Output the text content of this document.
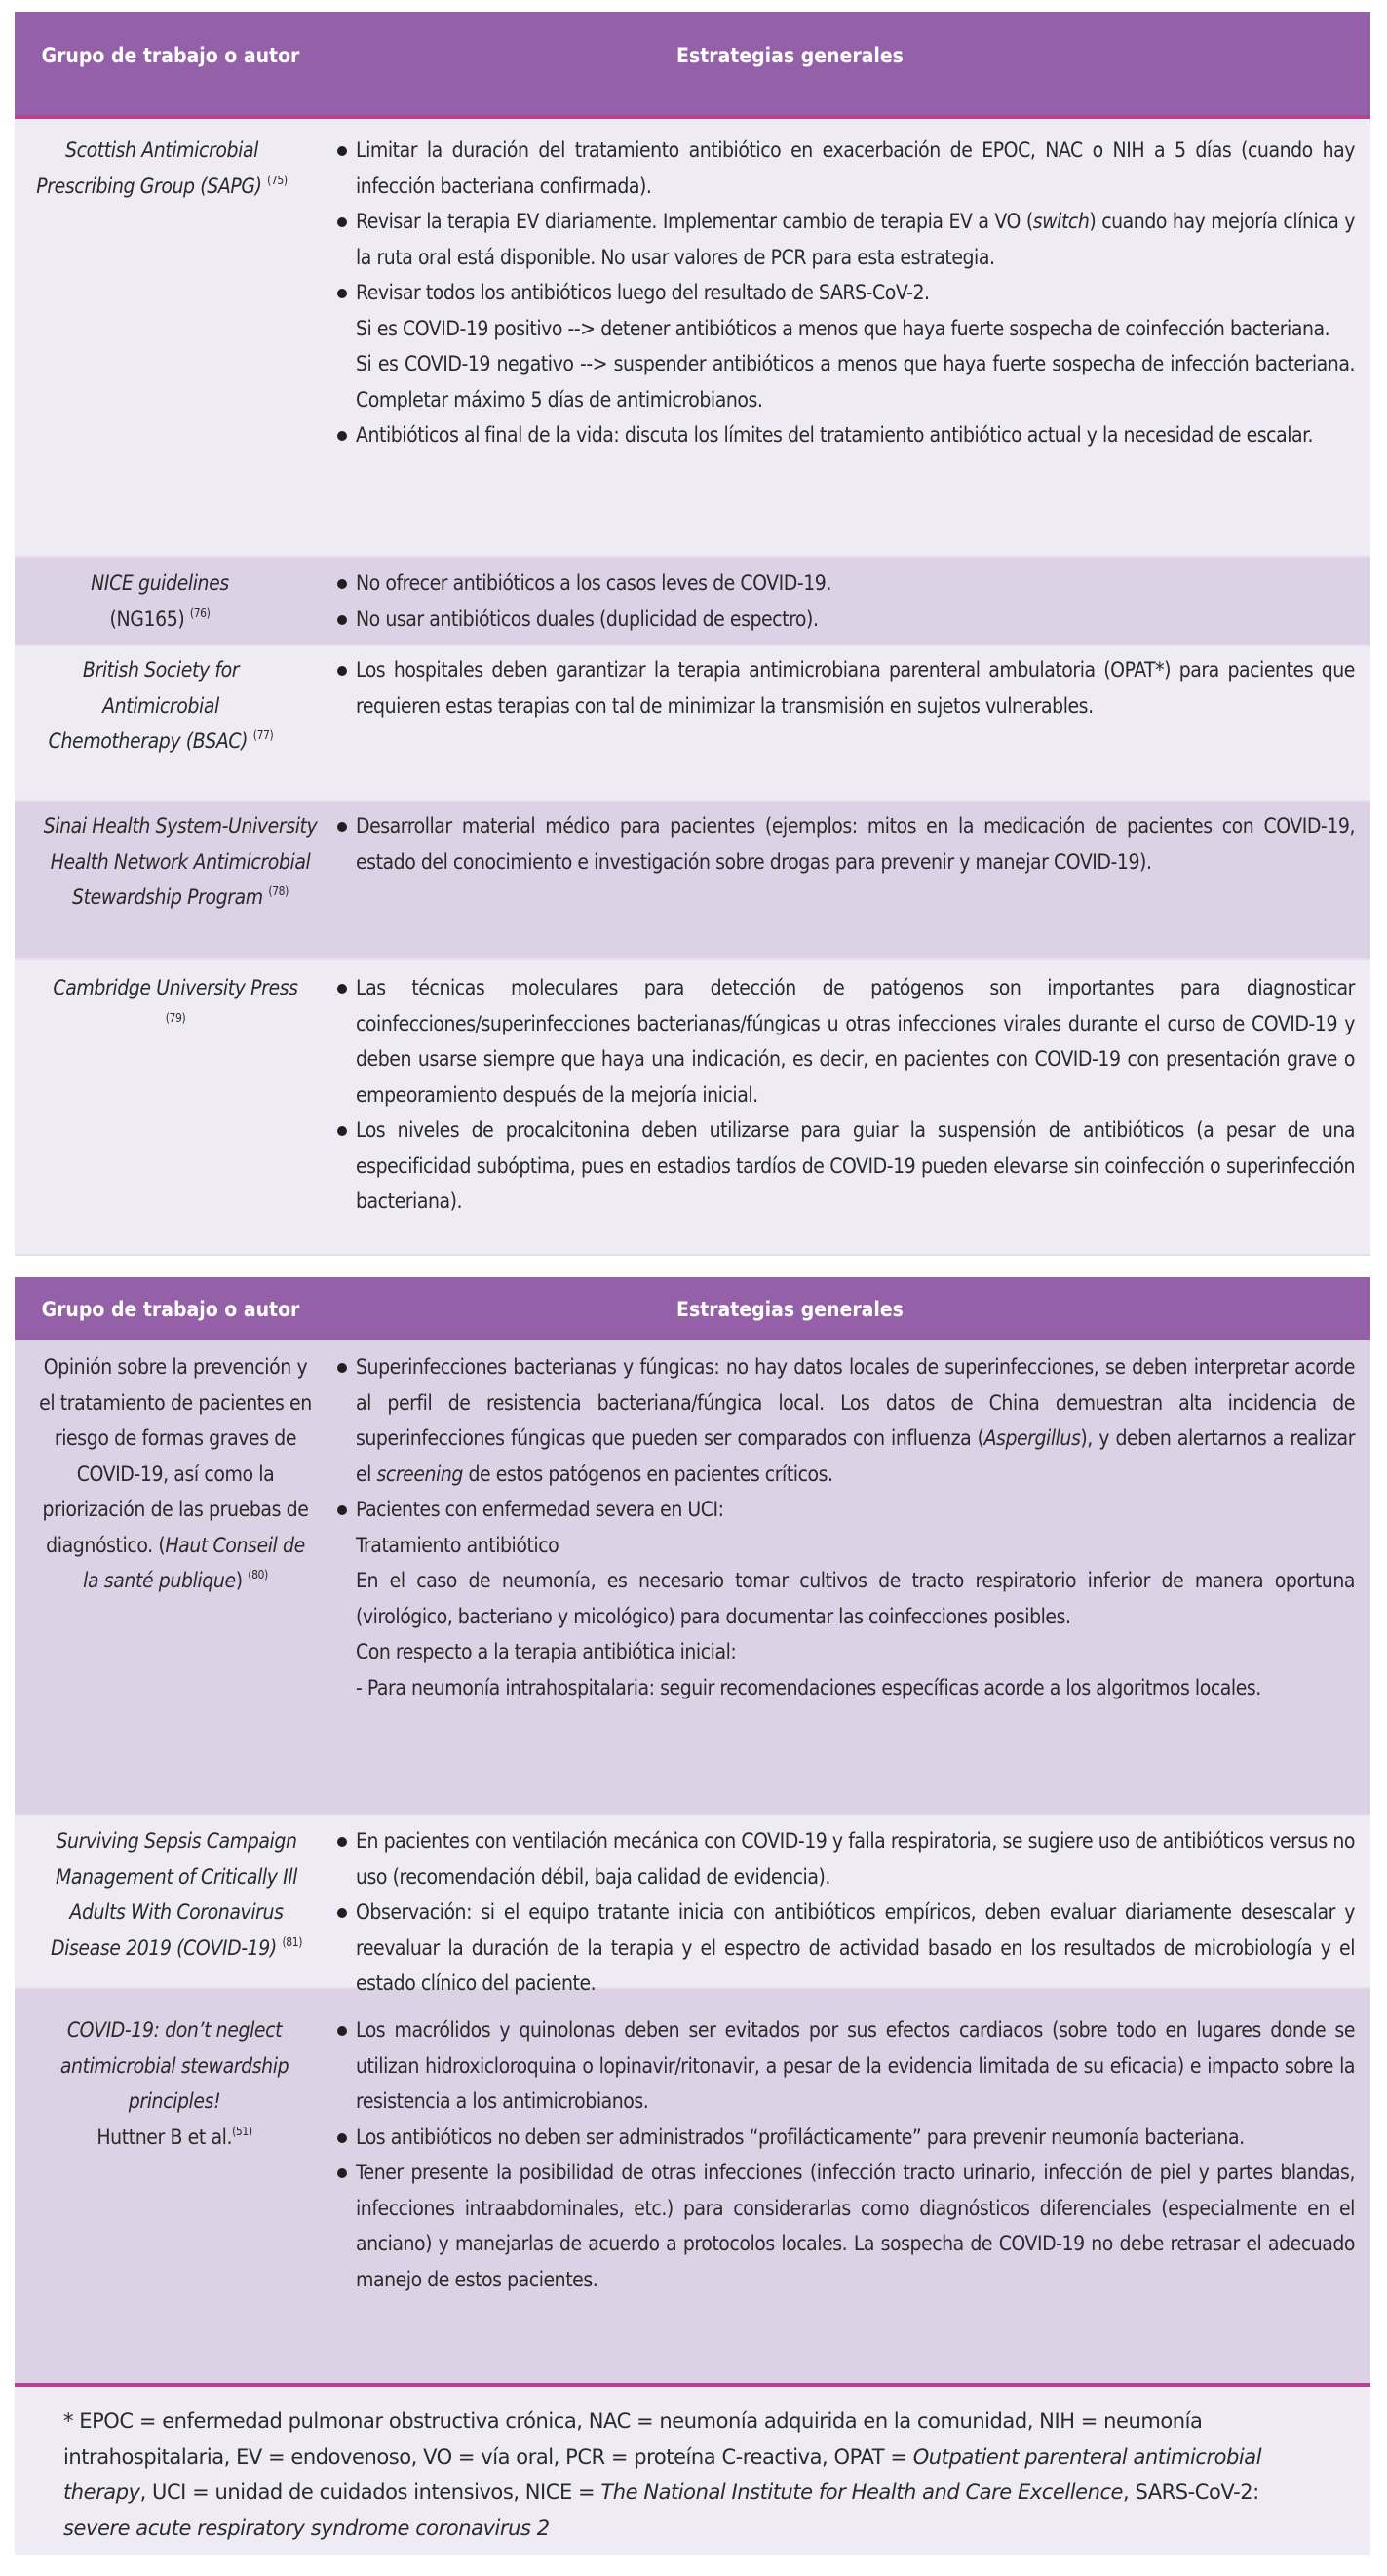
Grupo de trabajo o autor	Estrategias generales
Scottish Antimicrobial Prescribing Group (SAPG) $^{(75)}$
Limitar la duración del tratamiento antibiótico en exacerbación de EPOC, NAC o NIH a 5 días (cuando hay infección bacteriana confirmada).
Revisar la terapia EV diariamente. Implementar cambio de terapia EV a VO (switch) cuando hay mejoría clínica y la ruta oral está disponible. No usar valores de PCR para esta estrategia.
Revisar todos los antibióticos luego del resultado de SARS-CoV-2.
Si es COVID-19 positivo --> detener antibióticos a menos que haya fuerte sospecha de coinfección bacteriana.
Si es COVID-19 negativo --> suspender antibióticos a menos que haya fuerte sospecha de infección bacteriana. Completar máximo 5 días de antimicrobianos.
Antibióticos al final de la vida: discuta los límites del tratamiento antibiótico actual y la necesidad de escalar.
NICE guidelines
(NG165) $^{(76)}$
No ofrecer antibióticos a los casos leves de COVID-19.
No usar antibióticos duales (duplicidad de espectro).
British Society for Antimicrobial Chemotherapy (BSAC) $^{(77)}$
Los hospitales deben garantizar la terapia antimicrobiana parenteral ambulatoria (OPAT*) para pacientes que requieren estas terapias con tal de minimizar la transmisión en sujetos vulnerables.
Sinai Health System-University Health Network Antimicrobial Stewardship Program $^{(78)}$
Desarrollar material médico para pacientes (ejemplos: mitos en la medicación de pacientes con COVID-19, estado del conocimiento e investigación sobre drogas para prevenir y manejar COVID-19).
Cambridge University Press $^{(79)}$
Las técnicas moleculares para detección de patógenos son importantes para diagnosticar coinfecciones/superinfecciones bacterianas/fúngicas u otras infecciones virales durante el curso de COVID-19 y deben usarse siempre que haya una indicación, es decir, en pacientes con COVID-19 con presentación grave o empeoramiento después de la mejoría inicial.
Los niveles de procalcitonina deben utilizarse para guiar la suspensión de antibióticos (a pesar de una especificidad subóptima, pues en estadios tardíos de COVID-19 pueden elevarse sin coinfección o superinfección bacteriana).
Grupo de trabajo o autor	Estrategias generales
Opinión sobre la prevención y el tratamiento de pacientes en riesgo de formas graves de COVID-19, así como la priorización de las pruebas de diagnóstico. (Haut Conseil de la santé publique) $^{(80)}$
Superinfecciones bacterianas y fúngicas: no hay datos locales de superinfecciones, se deben interpretar acorde al perfil de resistencia bacteriana/fúngica local. Los datos de China demuestran alta incidencia de superinfecciones fúngicas que pueden ser comparados con influenza (Aspergillus), y deben alertarnos a realizar el screening de estos patógenos en pacientes críticos.
Pacientes con enfermedad severa en UCI:
Tratamiento antibiótico
En el caso de neumonía, es necesario tomar cultivos de tracto respiratorio inferior de manera oportuna (virológico, bacteriano y micológico) para documentar las coinfecciones posibles.
Con respecto a la terapia antibiótica inicial:
- Para neumonía intrahospitalaria: seguir recomendaciones específicas acorde a los algoritmos locales.
Surviving Sepsis Campaign Management of Critically Ill Adults With Coronavirus Disease 2019 (COVID-19) $^{(81)}$
En pacientes con ventilación mecánica con COVID-19 y falla respiratoria, se sugiere uso de antibióticos versus no uso (recomendación débil, baja calidad de evidencia).
Observación: si el equipo tratante inicia con antibióticos empíricos, deben evaluar diariamente desescalar y reevaluar la duración de la terapia y el espectro de actividad basado en los resultados de microbiología y el estado clínico del paciente.
COVID-19: don’t neglect antimicrobial stewardship principles!
Huttner B et al.$^{(51)}$
Los macrólidos y quinolonas deben ser evitados por sus efectos cardiacos (sobre todo en lugares donde se utilizan hidroxicloroquina o lopinavir/ritonavir, a pesar de la evidencia limitada de su eficacia) e impacto sobre la resistencia a los antimicrobianos.
Los antibióticos no deben ser administrados “profilácticamente” para prevenir neumonía bacteriana.
Tener presente la posibilidad de otras infecciones (infección tracto urinario, infección de piel y partes blandas, infecciones intraabdominales, etc.) para considerarlas como diagnósticos diferenciales (especialmente en el anciano) y manejarlas de acuerdo a protocolos locales. La sospecha de COVID-19 no debe retrasar el adecuado manejo de estos pacientes.
* EPOC = enfermedad pulmonar obstructiva crónica, NAC = neumonía adquirida en la comunidad, NIH = neumonía intrahospitalaria, EV = endovenoso, VO = vía oral, PCR = proteína C-reactiva, OPAT = Outpatient parenteral antimicrobial therapy, UCI = unidad de cuidados intensivos, NICE = The National Institute for Health and Care Excellence, SARS-CoV-2: severe acute respiratory syndrome coronavirus 2
